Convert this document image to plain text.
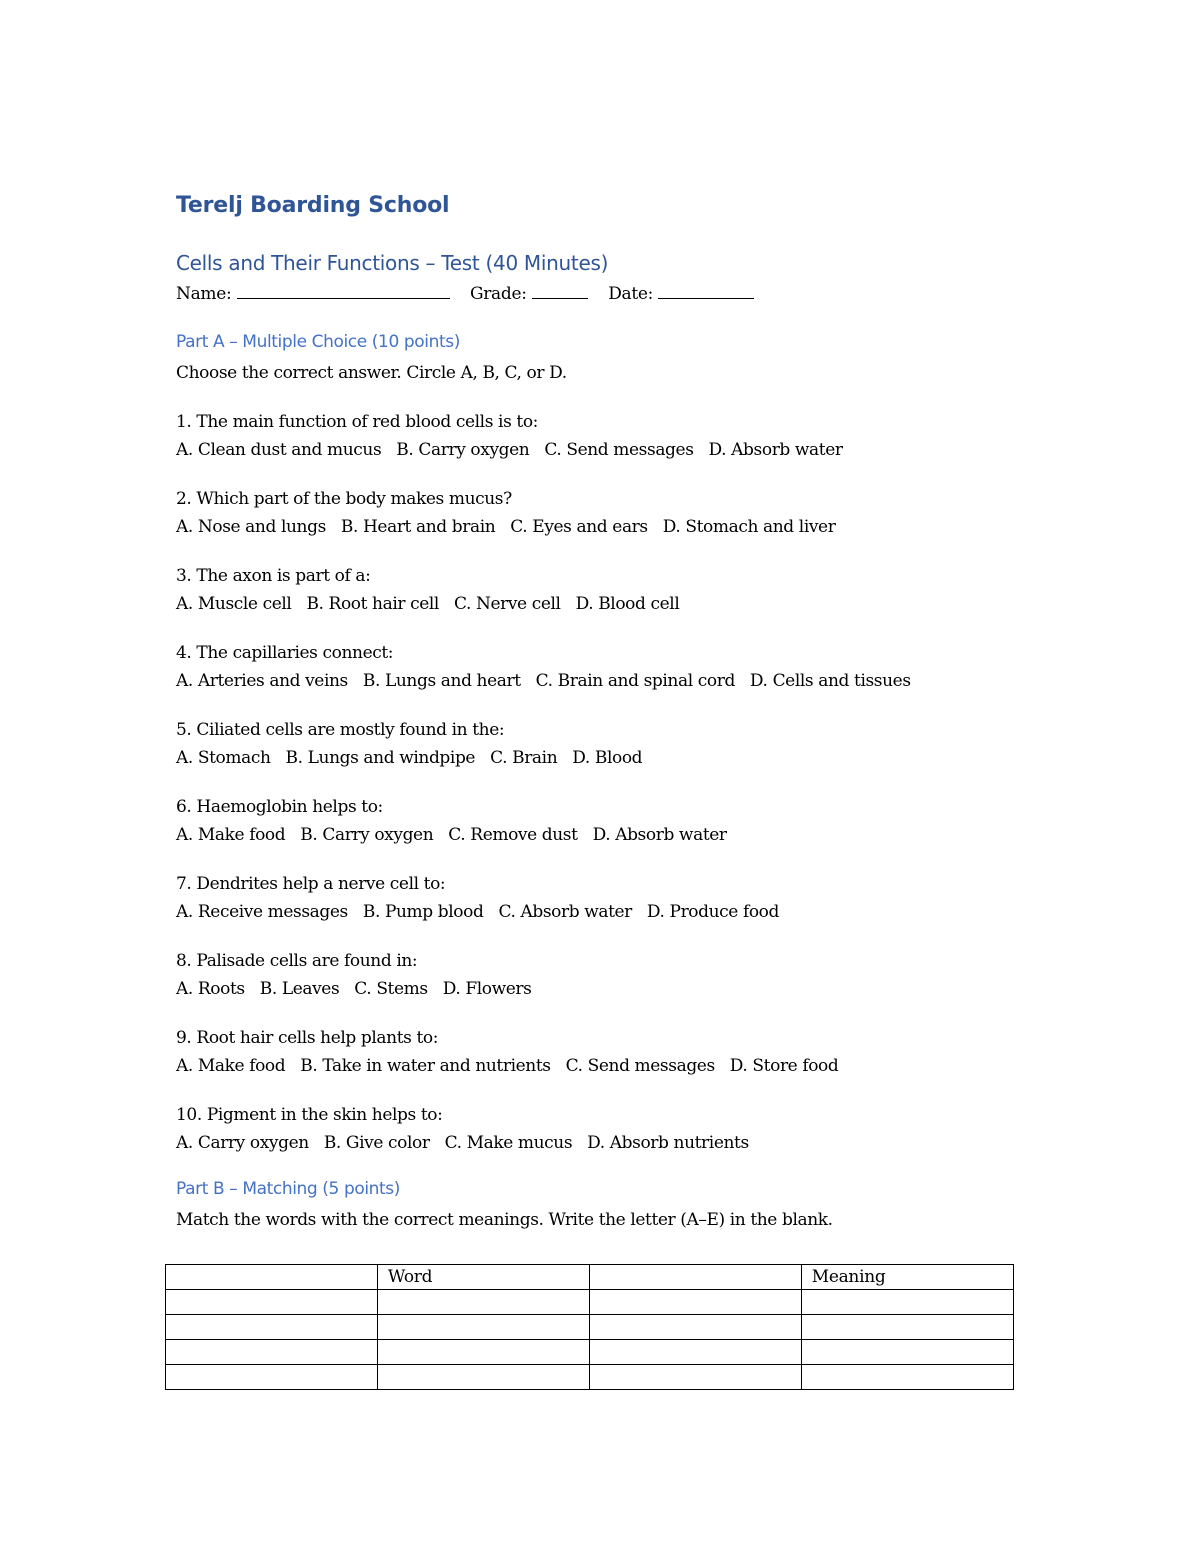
Terelj Boarding School
Cells and Their Functions – Test (40 Minutes)
Name:	Grade:	Date:
Part A – Multiple Choice (10 points)
Choose the correct answer. Circle A, B, C, or D.
1. The main function of red blood cells is to:
A. Clean dust and mucus   B. Carry oxygen   C. Send messages   D. Absorb water
2. Which part of the body makes mucus?
A. Nose and lungs   B. Heart and brain   C. Eyes and ears   D. Stomach and liver
3. The axon is part of a:
A. Muscle cell   B. Root hair cell   C. Nerve cell   D. Blood cell
4. The capillaries connect:
A. Arteries and veins   B. Lungs and heart   C. Brain and spinal cord   D. Cells and tissues
5. Ciliated cells are mostly found in the:
A. Stomach   B. Lungs and windpipe   C. Brain   D. Blood
6. Haemoglobin helps to:
A. Make food   B. Carry oxygen   C. Remove dust   D. Absorb water
7. Dendrites help a nerve cell to:
A. Receive messages   B. Pump blood   C. Absorb water   D. Produce food
8. Palisade cells are found in:
A. Roots   B. Leaves   C. Stems   D. Flowers
9. Root hair cells help plants to:
A. Make food   B. Take in water and nutrients   C. Send messages   D. Store food
10. Pigment in the skin helps to:
A. Carry oxygen   B. Give color   C. Make mucus   D. Absorb nutrients
Part B – Matching (5 points)
Match the words with the correct meanings. Write the letter (A–E) in the blank.
	Word		Meaning
